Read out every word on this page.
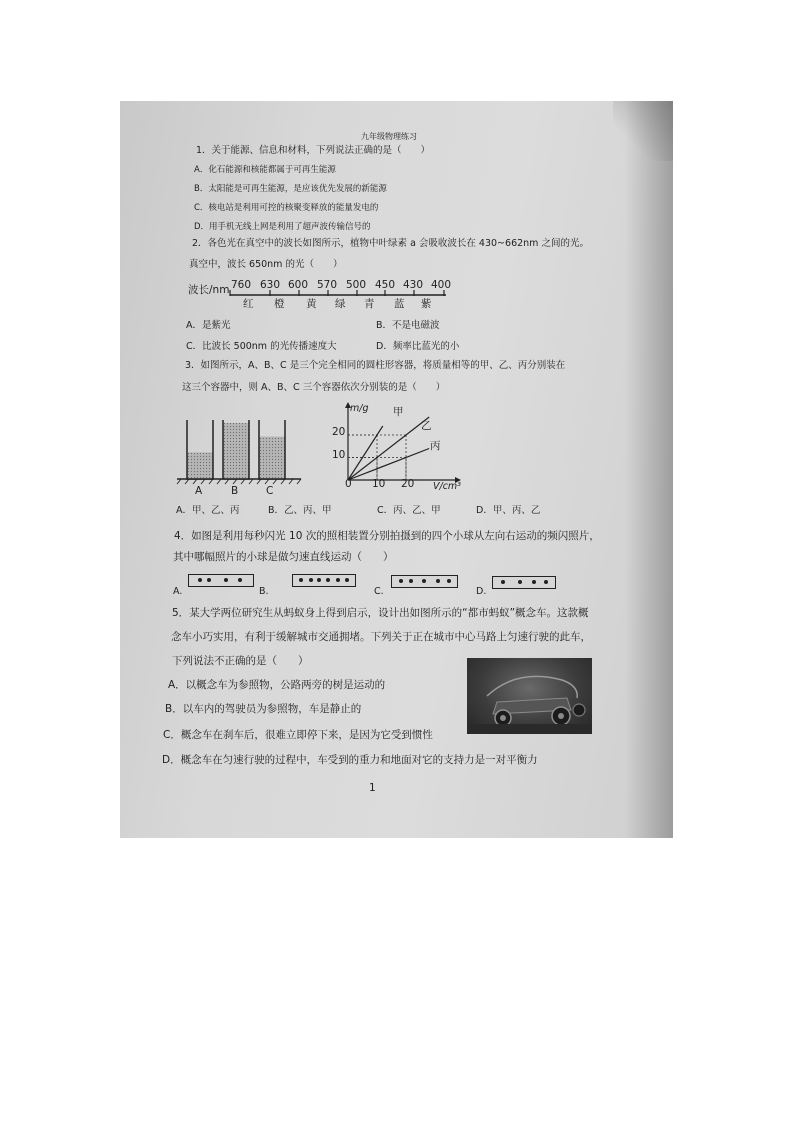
九年级物理练习
1．关于能源、信息和材料，下列说法正确的是（　　）
A．化石能源和核能都属于可再生能源
B．太阳能是可再生能源，是应该优先发展的新能源
C．核电站是利用可控的核聚变释放的能量发电的
D．用手机无线上网是利用了超声波传输信号的
2．各色光在真空中的波长如图所示，植物中叶绿素 a 会吸收波长在 430~662nm 之间的光。
真空中，波长 650nm 的光（　　）
波长/nm 760 630 600 570 500 450 430 400
红 橙 黄 绿 青 蓝 紫
A．是紫光	B．不是电磁波
C．比波长 500nm 的光传播速度大	D．频率比蓝光的小
3．如图所示，A、B、C 是三个完全相同的圆柱形容器，将质量相等的甲、乙、丙分别装在
这三个容器中，则 A、B、C 三个容器依次分别装的是（　　）
A	B	C
m/g
V/cm³
0 10 20
10
20
甲
乙
丙
A．甲、乙、丙	B．乙、丙、甲	C．丙、乙、甲	D．甲、丙、乙
4．如图是利用每秒闪光 10 次的照相装置分别拍摄到的四个小球从左向右运动的频闪照片，
其中哪幅照片的小球是做匀速直线运动（　　）
A.	B.	C.	D.
5．某大学两位研究生从蚂蚁身上得到启示，设计出如图所示的“都市蚂蚁”概念车。这款概
念车小巧实用，有利于缓解城市交通拥堵。下列关于正在城市中心马路上匀速行驶的此车，
下列说法不正确的是（　　）
A．以概念车为参照物，公路两旁的树是运动的
B．以车内的驾驶员为参照物，车是静止的
C．概念车在刹车后，很难立即停下来，是因为它受到惯性
D．概念车在匀速行驶的过程中，车受到的重力和地面对它的支持力是一对平衡力
1
